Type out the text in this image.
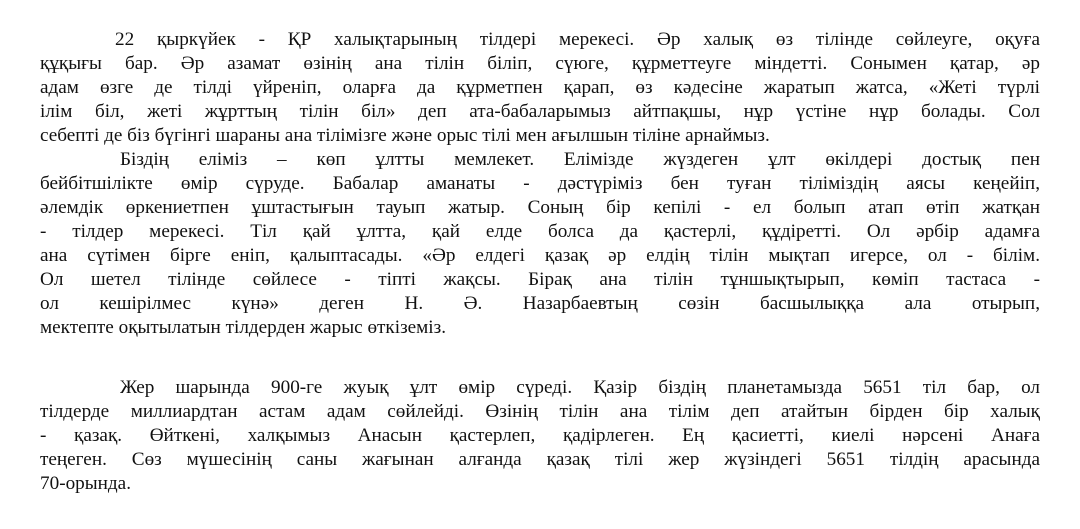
22 қыркүйек - ҚР халықтарының тілдері мерекесі. Әр халық өз тілінде сөйлеуге, оқуға
құқығы бар. Әр азамат өзінің ана тілін біліп, сүюге, құрметтеуге міндетті. Сонымен қатар, әр
адам өзге де тілді үйреніп, оларға да құрметпен қарап, өз кәдесіне жаратып жатса, «Жеті түрлі
ілім біл, жеті жұрттың тілін біл» деп ата-бабаларымыз айтпақшы, нұр үстіне нұр болады. Сол
себепті де біз бүгінгі шараны ана тілімізге және орыс тілі мен ағылшын тіліне арнаймыз.
Біздің еліміз – көп ұлтты мемлекет. Елімізде жүздеген ұлт өкілдері достық пен
бейбітшілікте өмір сүруде. Бабалар аманаты - дәстүріміз бен туған тіліміздің аясы кеңейіп,
әлемдік өркениетпен ұштастығын тауып жатыр. Соның бір кепілі - ел болып атап өтіп жатқан
- тілдер мерекесі. Тіл қай ұлтта, қай елде болса да қастерлі, құдіретті. Ол әрбір адамға
ана сүтімен бірге еніп, қалыптасады. «Әр елдегі қазақ әр елдің тілін мықтап игерсе, ол - білім.
Ол шетел тілінде сөйлесе - тіпті жақсы. Бірақ ана тілін тұншықтырып, көміп тастаса -
ол кешірілмес күнә» деген Н. Ә. Назарбаевтың сөзін басшылыққа ала отырып,
мектепте оқытылатын тілдерден жарыс өткіземіз.
Жер шарында 900-ге жуық ұлт өмір сүреді. Қазір біздің планетамызда 5651 тіл бар, ол
тілдерде миллиардтан астам адам сөйлейді. Өзінің тілін ана тілім деп атайтын бірден бір халық
- қазақ. Өйткені, халқымыз Анасын қастерлеп, қадірлеген. Ең қасиетті, киелі нәрсені Анаға
теңеген. Сөз мүшесінің саны жағынан алғанда қазақ тілі жер жүзіндегі 5651 тілдің арасында
70-орында.
